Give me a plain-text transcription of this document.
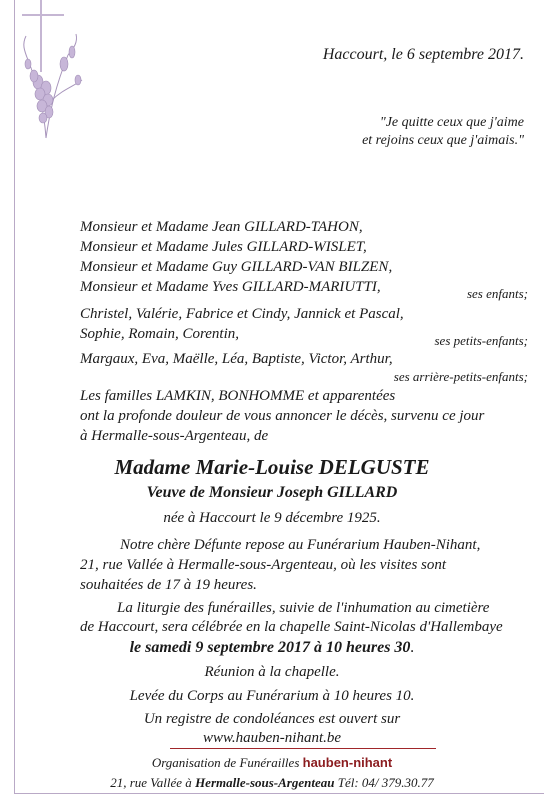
Haccourt, le 6 septembre 2017.
"Je quitte ceux que j'aime
et rejoins ceux que j'aimais."
Monsieur et Madame Jean GILLARD-TAHON,
Monsieur et Madame Jules GILLARD-WISLET,
Monsieur et Madame Guy GILLARD-VAN BILZEN,
Monsieur et Madame Yves GILLARD-MARIUTTI,	ses enfants;
Christel, Valérie, Fabrice et Cindy, Jannick et Pascal,
Sophie, Romain, Corentin,	ses petits-enfants;
Margaux, Eva, Maëlle, Léa, Baptiste, Victor, Arthur,
ses arrière-petits-enfants;
Les familles LAMKIN, BONHOMME et apparentées
ont la profonde douleur de vous annoncer le décès, survenu ce jour
à Hermalle-sous-Argenteau, de
Madame Marie-Louise DELGUSTE
Veuve de Monsieur Joseph GILLARD
née à Haccourt le 9 décembre 1925.
Notre chère Défunte repose au Funérarium Hauben-Nihant,
21, rue Vallée à Hermalle-sous-Argenteau, où les visites sont
souhaitées de 17 à 19 heures.
La liturgie des funérailles, suivie de l'inhumation au cimetière
de Haccourt, sera célébrée en la chapelle Saint-Nicolas d'Hallembaye
le samedi 9 septembre 2017 à 10 heures 30.
Réunion à la chapelle.
Levée du Corps au Funérarium à 10 heures 10.
Un registre de condoléances est ouvert sur
www.hauben-nihant.be
Organisation de Funérailles hauben-nihant
21, rue Vallée à Hermalle-sous-Argenteau Tél: 04/ 379.30.77
